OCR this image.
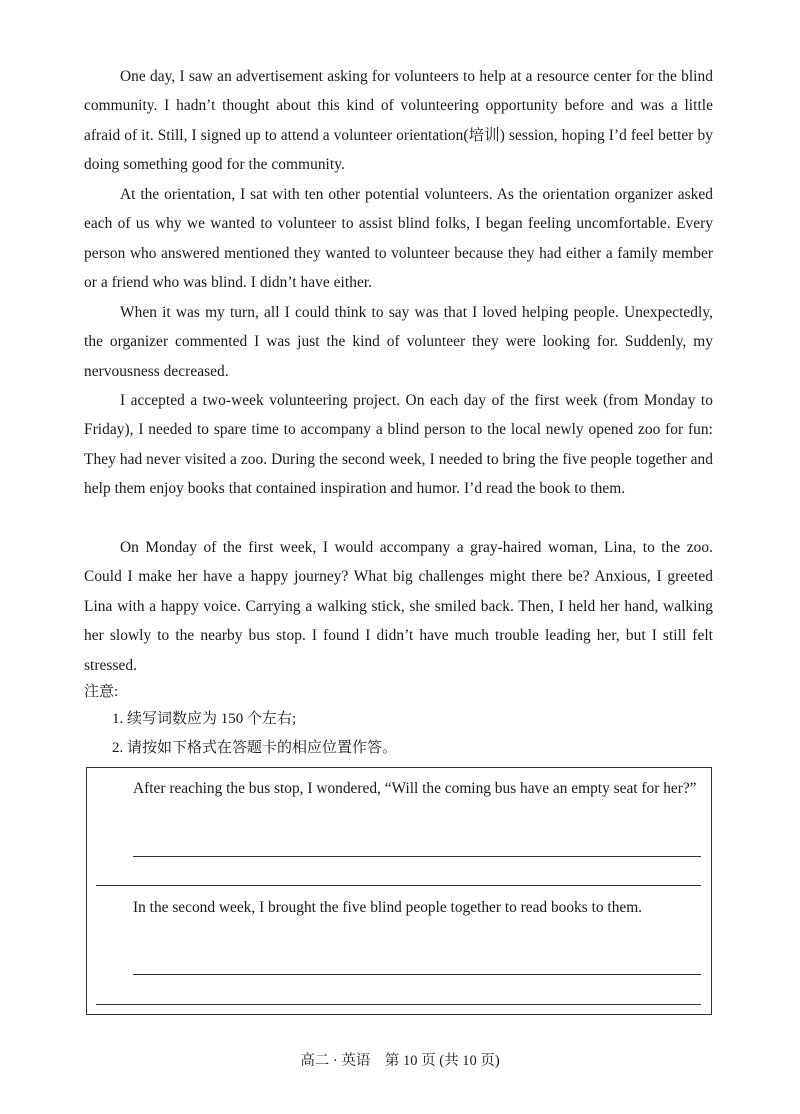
One day, I saw an advertisement asking for volunteers to help at a resource center for the blind community. I hadn’t thought about this kind of volunteering opportunity before and was a little afraid of it. Still, I signed up to attend a volunteer orientation(培训) session, hoping I’d feel better by doing something good for the community.

At the orientation, I sat with ten other potential volunteers. As the orientation organizer asked each of us why we wanted to volunteer to assist blind folks, I began feeling uncomfortable. Every person who answered mentioned they wanted to volunteer because they had either a family member or a friend who was blind. I didn’t have either.

When it was my turn, all I could think to say was that I loved helping people. Unexpectedly, the organizer commented I was just the kind of volunteer they were looking for. Suddenly, my nervousness decreased.

I accepted a two-week volunteering project. On each day of the first week (from Monday to Friday), I needed to spare time to accompany a blind person to the local newly opened zoo for fun: They had never visited a zoo. During the second week, I needed to bring the five people together and help them enjoy books that contained inspiration and humor. I’d read the book to them.

On Monday of the first week, I would accompany a gray-haired woman, Lina, to the zoo. Could I make her have a happy journey? What big challenges might there be? Anxious, I greeted Lina with a happy voice. Carrying a walking stick, she smiled back. Then, I held her hand, walking her slowly to the nearby bus stop. I found I didn’t have much trouble leading her, but I still felt stressed.

注意:
1. 续写词数应为 150 个左右;
2. 请按如下格式在答题卡的相应位置作答。

After reaching the bus stop, I wondered, “Will the coming bus have an empty seat for her?”

In the second week, I brought the five blind people together to read books to them.

高二 · 英语　第 10 页 (共 10 页)
